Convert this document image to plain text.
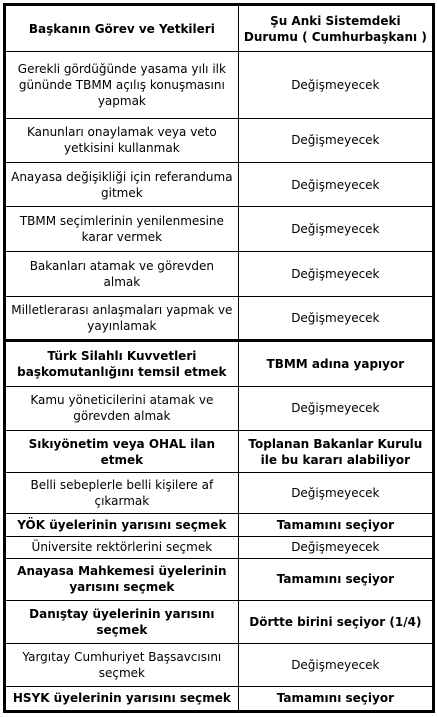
Başkanın Görev ve Yetkileri	Şu Anki Sistemdeki Durumu ( Cumhurbaşkanı )
Gerekli gördüğünde yasama yılı ilk gününde TBMM açılış konuşmasını yapmak	Değişmeyecek
Kanunları onaylamak veya veto yetkisini kullanmak	Değişmeyecek
Anayasa değişikliği için referanduma gitmek	Değişmeyecek
TBMM seçimlerinin yenilenmesine karar vermek	Değişmeyecek
Bakanları atamak ve görevden almak	Değişmeyecek
Milletlerarası anlaşmaları yapmak ve yayınlamak	Değişmeyecek
Türk Silahlı Kuvvetleri başkomutanlığını temsil etmek	TBMM adına yapıyor
Kamu yöneticilerini atamak ve görevden almak	Değişmeyecek
Sıkıyönetim veya OHAL ilan etmek	Toplanan Bakanlar Kurulu ile bu kararı alabiliyor
Belli sebeplerle belli kişilere af çıkarmak	Değişmeyecek
YÖK üyelerinin yarısını seçmek	Tamamını seçiyor
Üniversite rektörlerini seçmek	Değişmeyecek
Anayasa Mahkemesi üyelerinin yarısını seçmek	Tamamını seçiyor
Danıştay üyelerinin yarısını seçmek	Dörtte birini seçiyor (1/4)
Yargıtay Cumhuriyet Başsavcısını seçmek	Değişmeyecek
HSYK üyelerinin yarısını seçmek	Tamamını seçiyor
